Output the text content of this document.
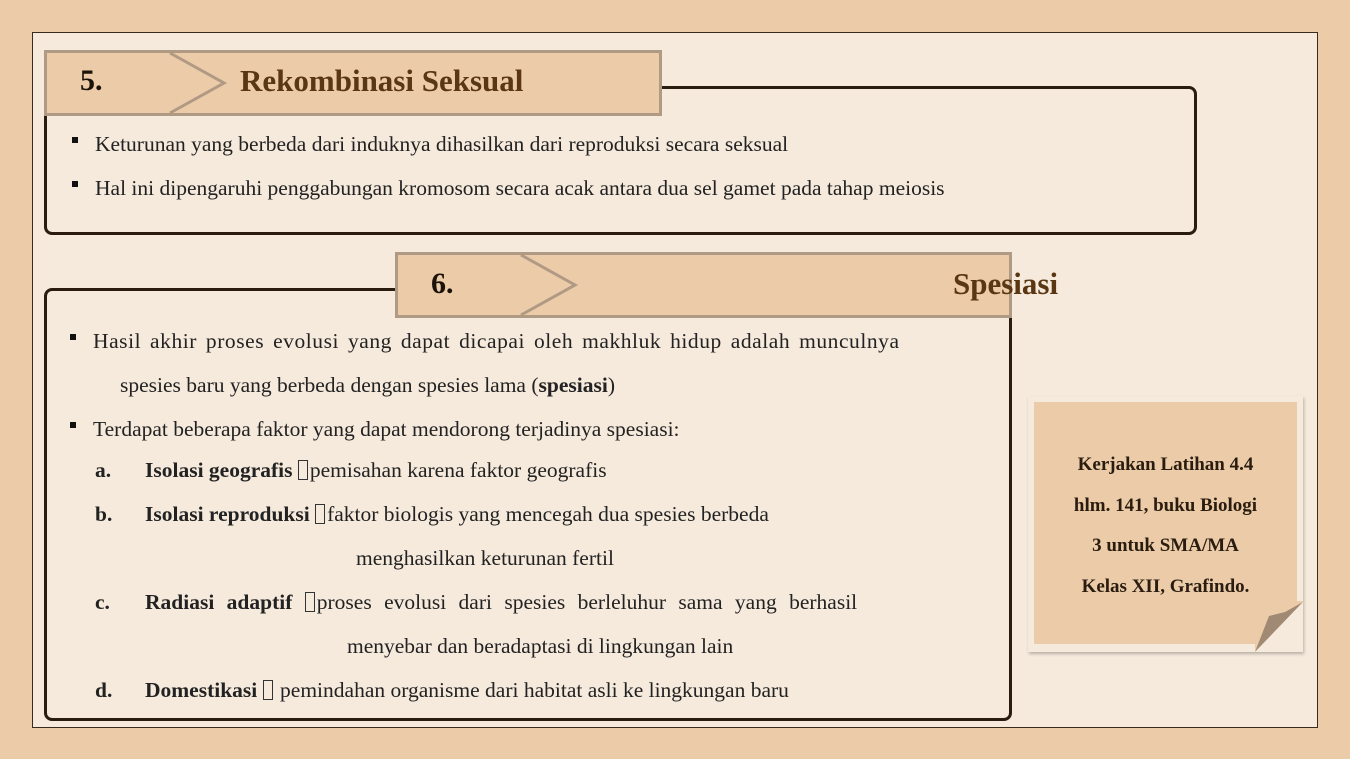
5.	Rekombinasi Seksual
Keturunan yang berbeda dari induknya dihasilkan dari reproduksi secara seksual
Hal ini dipengaruhi penggabungan kromosom secara acak antara dua sel gamet pada tahap meiosis
6.	Spesiasi
Hasil akhir proses evolusi yang dapat dicapai oleh makhluk hidup adalah munculnya
spesies baru yang berbeda dengan spesies lama (spesiasi)
Terdapat beberapa faktor yang dapat mendorong terjadinya spesiasi:
a. Isolasi geografis pemisahan karena faktor geografis
b. Isolasi reproduksi faktor biologis yang mencegah dua spesies berbeda
menghasilkan keturunan fertil
c. Radiasi adaptif proses evolusi dari spesies berleluhur sama yang berhasil
menyebar dan beradaptasi di lingkungan lain
d. Domestikasi pemindahan organisme dari habitat asli ke lingkungan baru
Kerjakan Latihan 4.4
hlm. 141, buku Biologi
3 untuk SMA/MA
Kelas XII, Grafindo.
